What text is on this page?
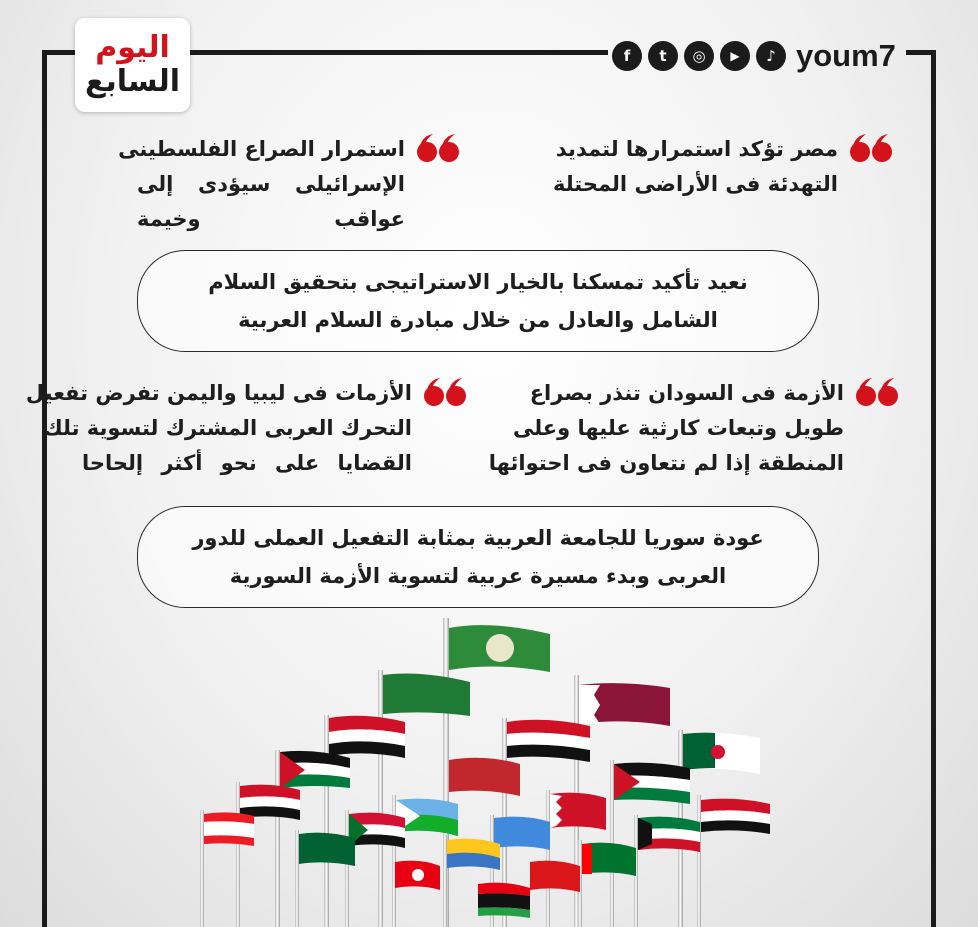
اليوم
السابع
f	t	◎	▶	♪ youm7
مصر تؤكد استمرارها لتمديد
التهدئة فى الأراضى المحتلة
استمرار الصراع الفلسطينى
الإسرائيلى سيؤدى إلى
عواقب وخيمة
نعيد تأكيد تمسكنا بالخيار الاستراتيجى بتحقيق السلام
الشامل والعادل من خلال مبادرة السلام العربية
الأزمة فى السودان تنذر بصراع
طويل وتبعات كارثية عليها وعلى
المنطقة إذا لم نتعاون فى احتوائها
الأزمات فى ليبيا واليمن تفرض تفعيل
التحرك العربى المشترك لتسوية تلك
القضايا على نحو أكثر إلحاحا
عودة سوريا للجامعة العربية بمثابة التفعيل العملى للدور
العربى وبدء مسيرة عربية لتسوية الأزمة السورية
